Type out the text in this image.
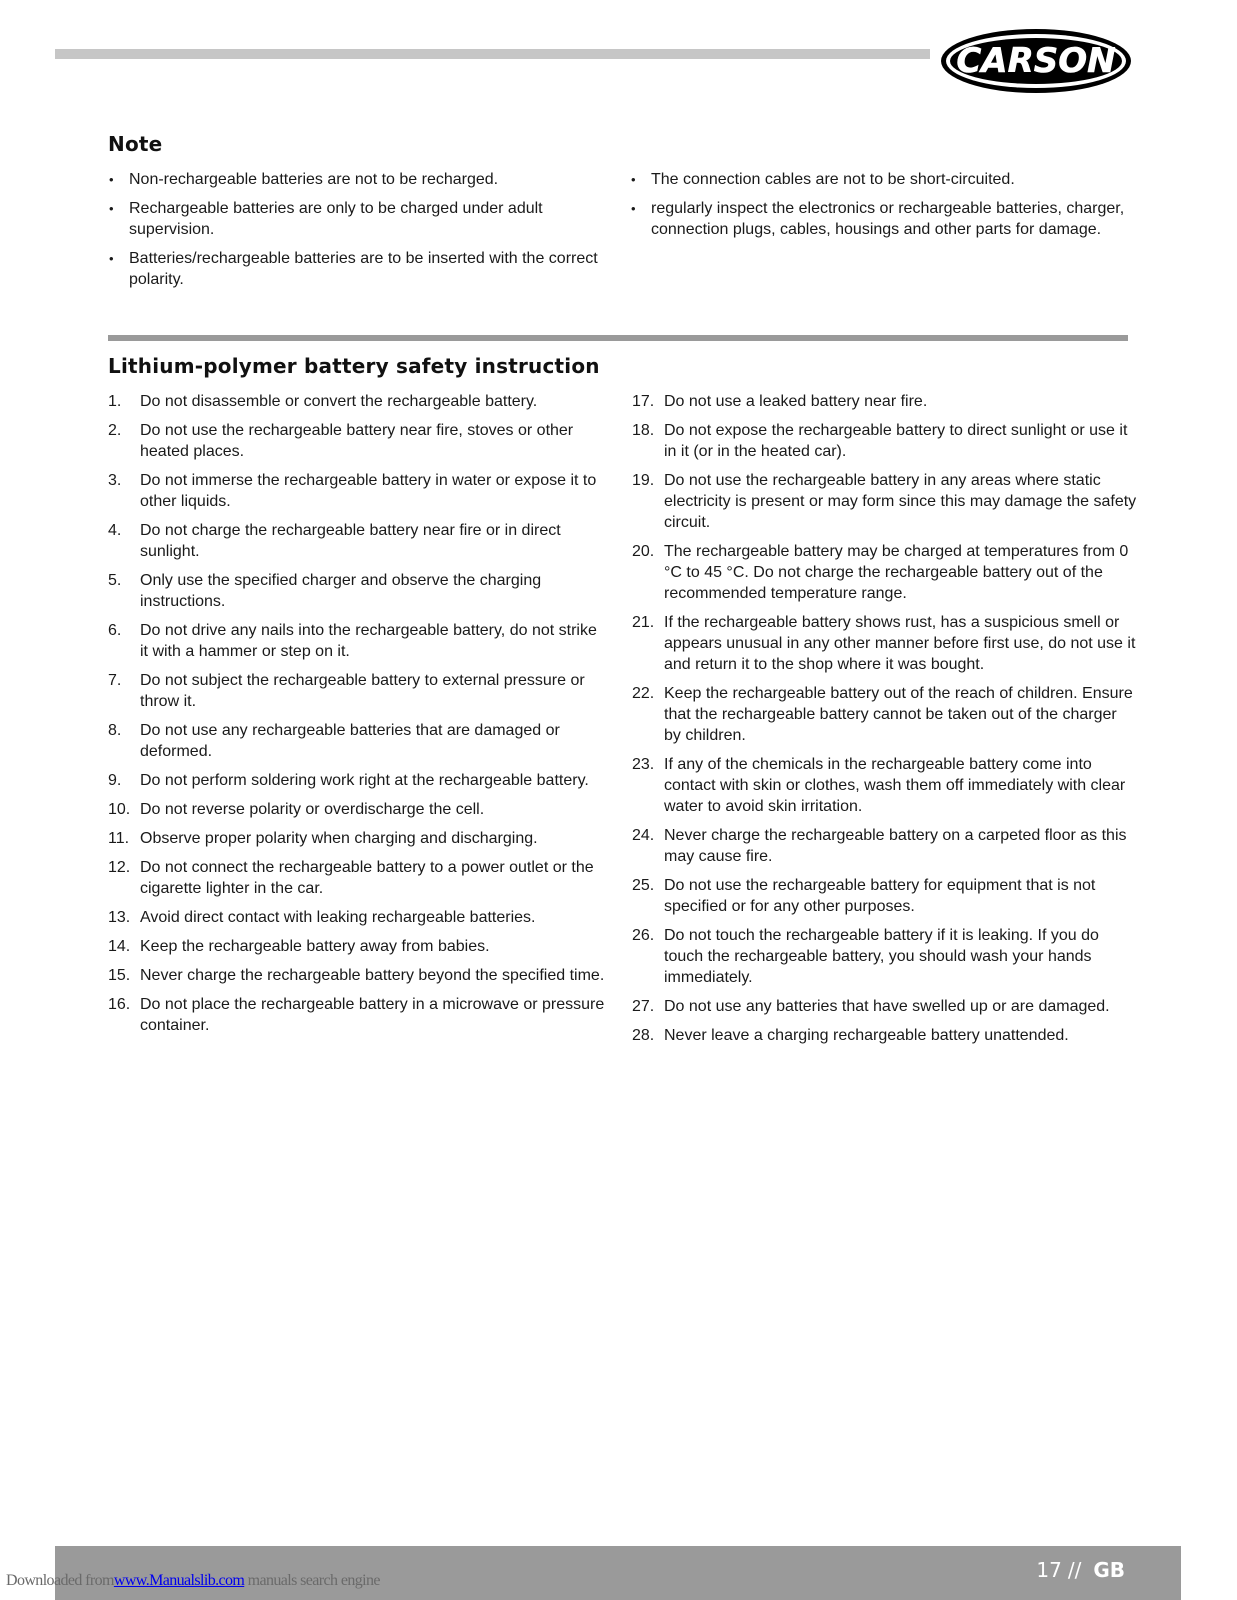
CARSON
Note
• Non-rechargeable batteries are not to be recharged.
• Rechargeable batteries are only to be charged under adult supervision.
• Batteries/rechargeable batteries are to be inserted with the correct polarity.
• The connection cables are not to be short-circuited.
• regularly inspect the electronics or rechargeable batteries, charger, connection plugs, cables, housings and other parts for damage.
Lithium-polymer battery safety instruction
1. Do not disassemble or convert the rechargeable battery.
2. Do not use the rechargeable battery near fire, stoves or other heated places.
3. Do not immerse the rechargeable battery in water or expose it to other liquids.
4. Do not charge the rechargeable battery near fire or in direct sunlight.
5. Only use the specified charger and observe the charging instructions.
6. Do not drive any nails into the rechargeable battery, do not strike it with a hammer or step on it.
7. Do not subject the rechargeable battery to external pressure or throw it.
8. Do not use any rechargeable batteries that are damaged or deformed.
9. Do not perform soldering work right at the rechargeable battery.
10. Do not reverse polarity or overdischarge the cell.
11. Observe proper polarity when charging and discharging.
12. Do not connect the rechargeable battery to a power outlet or the cigarette lighter in the car.
13. Avoid direct contact with leaking rechargeable batteries.
14. Keep the rechargeable battery away from babies.
15. Never charge the rechargeable battery beyond the specified time.
16. Do not place the rechargeable battery in a microwave or pressure container.
17. Do not use a leaked battery near fire.
18. Do not expose the rechargeable battery to direct sunlight or use it in it (or in the heated car).
19. Do not use the rechargeable battery in any areas where static electricity is present or may form since this may damage the safety circuit.
20. The rechargeable battery may be charged at temperatures from 0 °C to 45 °C. Do not charge the rechargeable battery out of the recommended temperature range.
21. If the rechargeable battery shows rust, has a suspicious smell or appears unusual in any other manner before first use, do not use it and return it to the shop where it was bought.
22. Keep the rechargeable battery out of the reach of children. Ensure that the rechargeable battery cannot be taken out of the charger by children.
23. If any of the chemicals in the rechargeable battery come into contact with skin or clothes, wash them off immediately with clear water to avoid skin irritation.
24. Never charge the rechargeable battery on a carpeted floor as this may cause fire.
25. Do not use the rechargeable battery for equipment that is not specified or for any other purposes.
26. Do not touch the rechargeable battery if it is leaking. If you do touch the rechargeable battery, you should wash your hands immediately.
27. Do not use any batteries that have swelled up or are damaged.
28. Never leave a charging rechargeable battery unattended.
17 // GB
Downloaded fromwww.Manualslib.com manuals search engine
